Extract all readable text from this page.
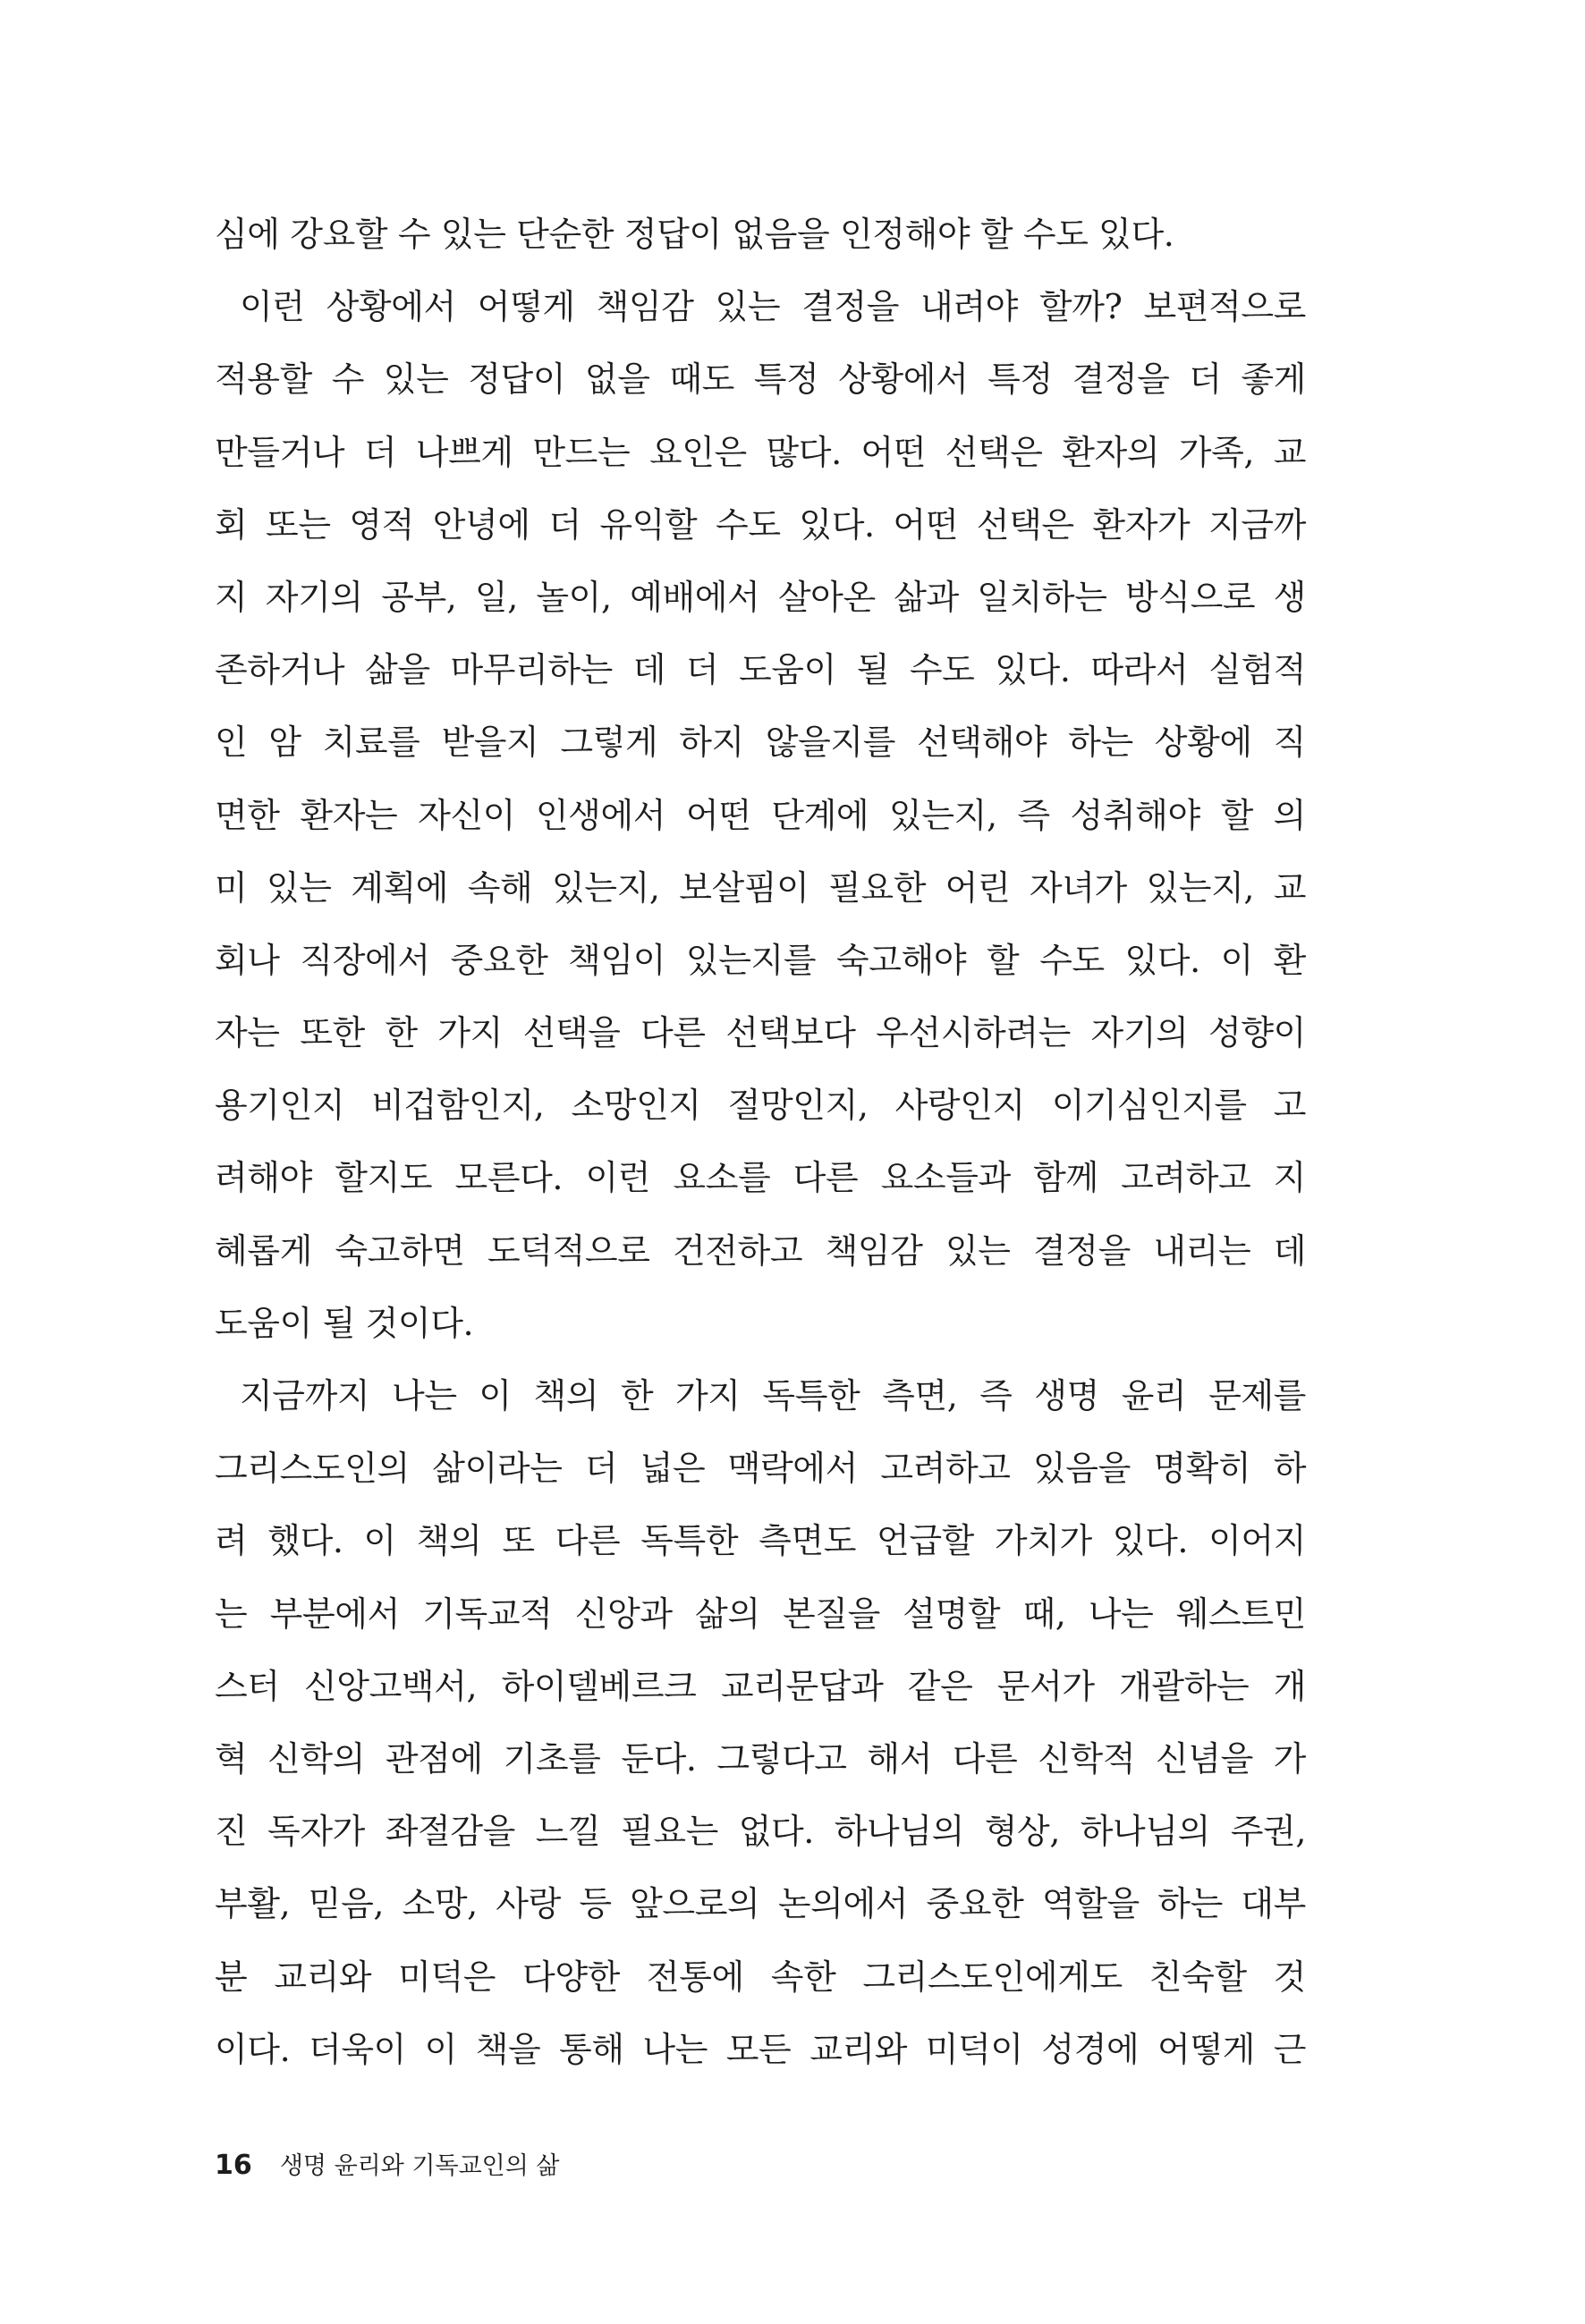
심에 강요할 수 있는 단순한 정답이 없음을 인정해야 할 수도 있다.
이런 상황에서 어떻게 책임감 있는 결정을 내려야 할까? 보편적으로
적용할 수 있는 정답이 없을 때도 특정 상황에서 특정 결정을 더 좋게
만들거나 더 나쁘게 만드는 요인은 많다. 어떤 선택은 환자의 가족, 교
회 또는 영적 안녕에 더 유익할 수도 있다. 어떤 선택은 환자가 지금까
지 자기의 공부, 일, 놀이, 예배에서 살아온 삶과 일치하는 방식으로 생
존하거나 삶을 마무리하는 데 더 도움이 될 수도 있다. 따라서 실험적
인 암 치료를 받을지 그렇게 하지 않을지를 선택해야 하는 상황에 직
면한 환자는 자신이 인생에서 어떤 단계에 있는지, 즉 성취해야 할 의
미 있는 계획에 속해 있는지, 보살핌이 필요한 어린 자녀가 있는지, 교
회나 직장에서 중요한 책임이 있는지를 숙고해야 할 수도 있다. 이 환
자는 또한 한 가지 선택을 다른 선택보다 우선시하려는 자기의 성향이
용기인지 비겁함인지, 소망인지 절망인지, 사랑인지 이기심인지를 고
려해야 할지도 모른다. 이런 요소를 다른 요소들과 함께 고려하고 지
혜롭게 숙고하면 도덕적으로 건전하고 책임감 있는 결정을 내리는 데
도움이 될 것이다.
지금까지 나는 이 책의 한 가지 독특한 측면, 즉 생명 윤리 문제를
그리스도인의 삶이라는 더 넓은 맥락에서 고려하고 있음을 명확히 하
려 했다. 이 책의 또 다른 독특한 측면도 언급할 가치가 있다. 이어지
는 부분에서 기독교적 신앙과 삶의 본질을 설명할 때, 나는 웨스트민
스터 신앙고백서, 하이델베르크 교리문답과 같은 문서가 개괄하는 개
혁 신학의 관점에 기초를 둔다. 그렇다고 해서 다른 신학적 신념을 가
진 독자가 좌절감을 느낄 필요는 없다. 하나님의 형상, 하나님의 주권,
부활, 믿음, 소망, 사랑 등 앞으로의 논의에서 중요한 역할을 하는 대부
분 교리와 미덕은 다양한 전통에 속한 그리스도인에게도 친숙할 것
이다. 더욱이 이 책을 통해 나는 모든 교리와 미덕이 성경에 어떻게 근
16 생명 윤리와 기독교인의 삶
